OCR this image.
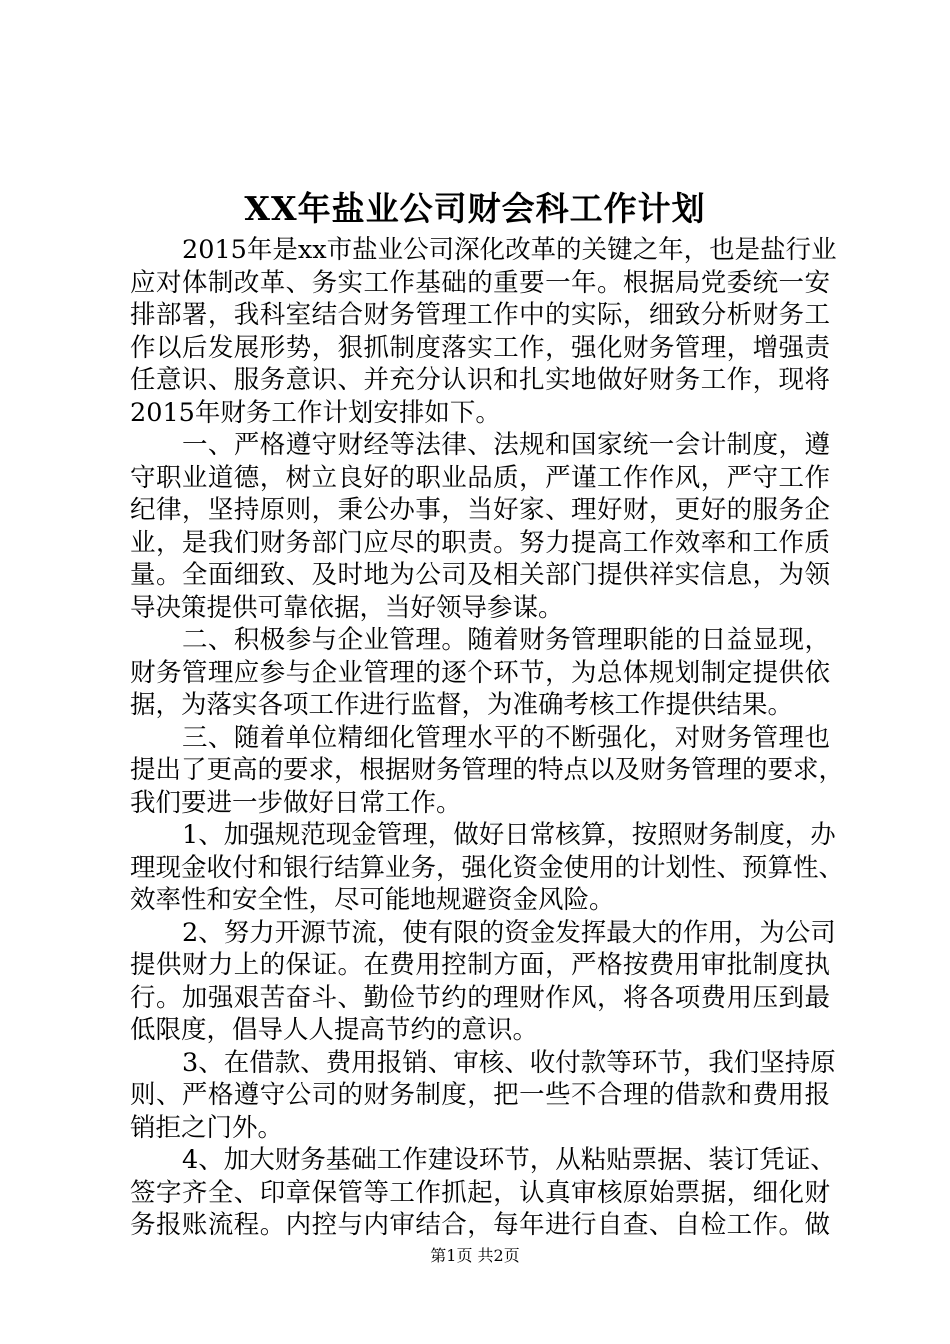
XX年盐业公司财会科工作计划
2015年是xx市盐业公司深化改革的关键之年，也是盐行业
应对体制改革、务实工作基础的重要一年。根据局党委统一安
排部署，我科室结合财务管理工作中的实际，细致分析财务工
作以后发展形势，狠抓制度落实工作，强化财务管理，增强责
任意识、服务意识、并充分认识和扎实地做好财务工作，现将
2015年财务工作计划安排如下。
一、严格遵守财经等法律、法规和国家统一会计制度，遵
守职业道德，树立良好的职业品质，严谨工作作风，严守工作
纪律，坚持原则，秉公办事，当好家、理好财，更好的服务企
业，是我们财务部门应尽的职责。努力提高工作效率和工作质
量。全面细致、及时地为公司及相关部门提供祥实信息，为领
导决策提供可靠依据，当好领导参谋。
二、积极参与企业管理。随着财务管理职能的日益显现，
财务管理应参与企业管理的逐个环节，为总体规划制定提供依
据，为落实各项工作进行监督，为准确考核工作提供结果。
三、随着单位精细化管理水平的不断强化，对财务管理也
提出了更高的要求，根据财务管理的特点以及财务管理的要求，
我们要进一步做好日常工作。
1、加强规范现金管理，做好日常核算，按照财务制度，办
理现金收付和银行结算业务，强化资金使用的计划性、预算性、
效率性和安全性，尽可能地规避资金风险。
2、努力开源节流，使有限的资金发挥最大的作用，为公司
提供财力上的保证。在费用控制方面，严格按费用审批制度执
行。加强艰苦奋斗、勤俭节约的理财作风，将各项费用压到最
低限度，倡导人人提高节约的意识。
3、在借款、费用报销、审核、收付款等环节，我们坚持原
则、严格遵守公司的财务制度，把一些不合理的借款和费用报
销拒之门外。
4、加大财务基础工作建设环节，从粘贴票据、装订凭证、
签字齐全、印章保管等工作抓起，认真审核原始票据，细化财
务报账流程。内控与内审结合，每年进行自查、自检工作。做
第1页 共2页
